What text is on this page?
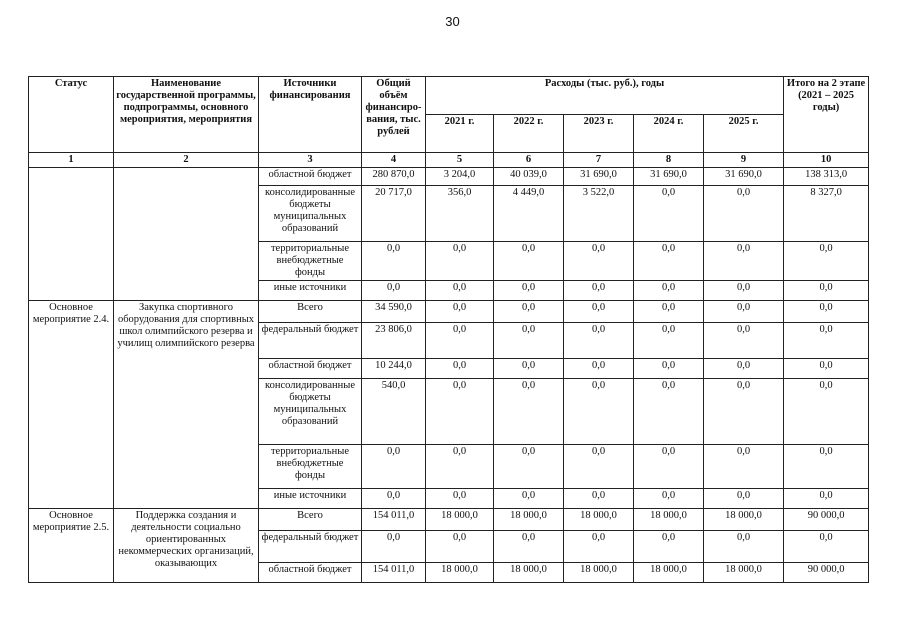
30
Статус	Наименование государственной программы, подпрограммы, основного мероприятия, мероприятия	Источники финансирования	Общий объём финансиро-вания, тыс. рублей	Расходы (тыс. руб.), годы					Итого на 2 этапе (2021 – 2025 годы)
				2021 г.	2022 г.	2023 г.	2024 г.	2025 г.	
1	2	3	4	5	6	7	8	9	10
		областной бюджет	280 870,0	3 204,0	40 039,0	31 690,0	31 690,0	31 690,0	138 313,0
		консолидированные бюджеты муниципальных образований	20 717,0	356,0	4 449,0	3 522,0	0,0	0,0	8 327,0
		территориальные внебюджетные фонды	0,0	0,0	0,0	0,0	0,0	0,0	0,0
		иные источники	0,0	0,0	0,0	0,0	0,0	0,0	0,0
Основное мероприятие 2.4.	Закупка спортивного оборудования для спортивных школ олимпийского резерва и училищ олимпийского резерва	Всего	34 590,0	0,0	0,0	0,0	0,0	0,0	0,0
		федеральный бюджет	23 806,0	0,0	0,0	0,0	0,0	0,0	0,0
		областной бюджет	10 244,0	0,0	0,0	0,0	0,0	0,0	0,0
		консолидированные бюджеты муниципальных образований	540,0	0,0	0,0	0,0	0,0	0,0	0,0
		территориальные внебюджетные фонды	0,0	0,0	0,0	0,0	0,0	0,0	0,0
		иные источники	0,0	0,0	0,0	0,0	0,0	0,0	0,0
Основное мероприятие 2.5.	Поддержка создания и деятельности социально ориентированных некоммерческих организаций, оказывающих	Всего	154 011,0	18 000,0	18 000,0	18 000,0	18 000,0	18 000,0	90 000,0
		федеральный бюджет	0,0	0,0	0,0	0,0	0,0	0,0	0,0
		областной бюджет	154 011,0	18 000,0	18 000,0	18 000,0	18 000,0	18 000,0	90 000,0
